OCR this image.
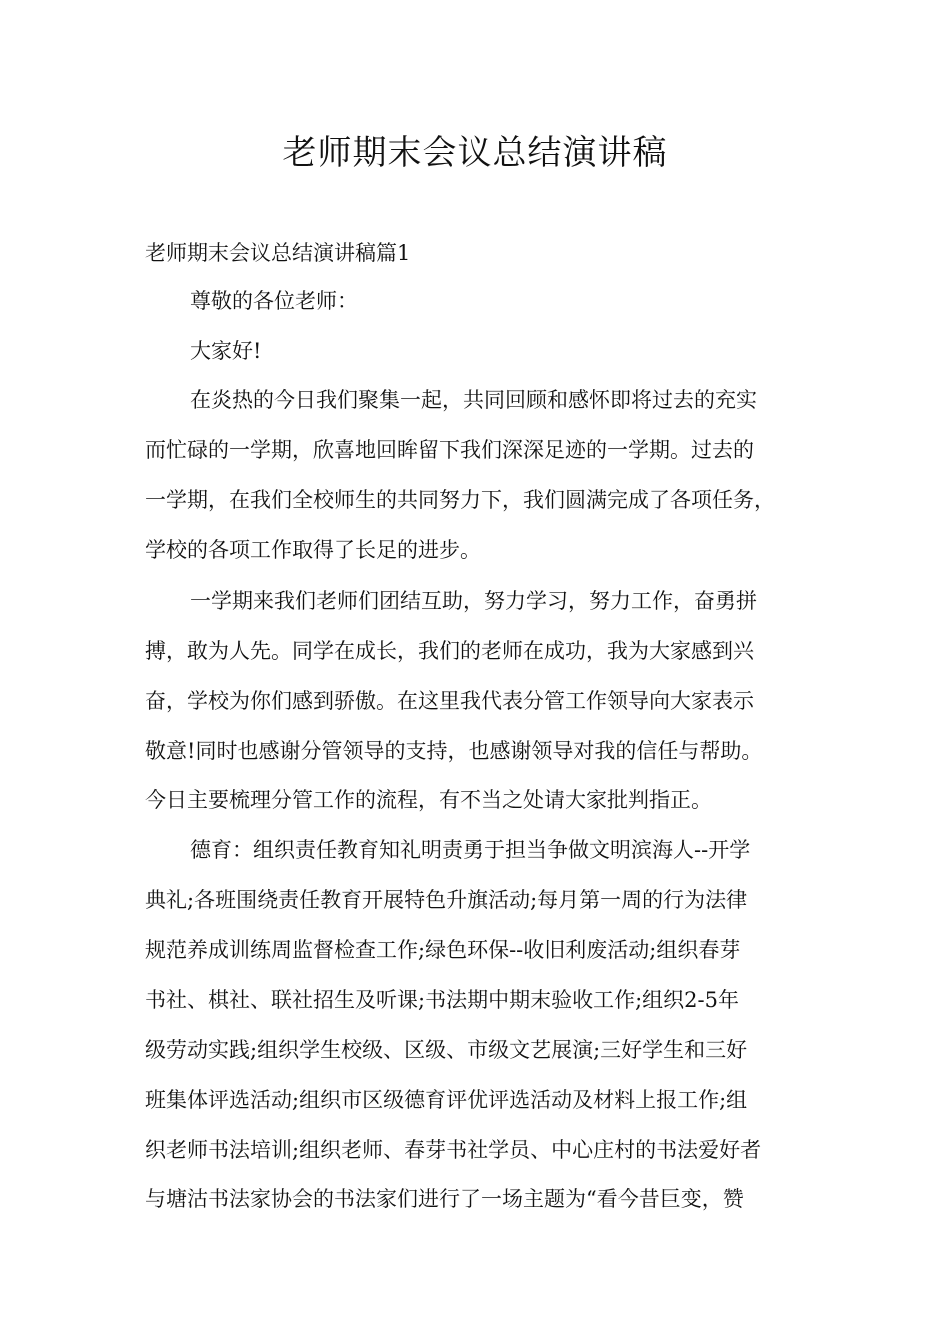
老师期末会议总结演讲稿

老师期末会议总结演讲稿篇1

尊敬的各位老师：

大家好!

在炎热的今日我们聚集一起，共同回顾和感怀即将过去的充实

而忙碌的一学期，欣喜地回眸留下我们深深足迹的一学期。过去的

一学期，在我们全校师生的共同努力下，我们圆满完成了各项任务，

学校的各项工作取得了长足的进步。

一学期来我们老师们团结互助，努力学习，努力工作，奋勇拼

搏，敢为人先。同学在成长，我们的老师在成功，我为大家感到兴

奋，学校为你们感到骄傲。在这里我代表分管工作领导向大家表示

敬意!同时也感谢分管领导的支持，也感谢领导对我的信任与帮助。

今日主要梳理分管工作的流程，有不当之处请大家批判指正。

德育：组织责任教育知礼明责勇于担当争做文明滨海人--开学

典礼;各班围绕责任教育开展特色升旗活动;每月第一周的行为法律

规范养成训练周监督检查工作;绿色环保--收旧利废活动;组织春芽

书社、棋社、联社招生及听课;书法期中期末验收工作;组织2-5年

级劳动实践;组织学生校级、区级、市级文艺展演;三好学生和三好

班集体评选活动;组织市区级德育评优评选活动及材料上报工作;组

织老师书法培训;组织老师、春芽书社学员、中心庄村的书法爱好者

与塘沽书法家协会的书法家们进行了一场主题为“看今昔巨变，赞
